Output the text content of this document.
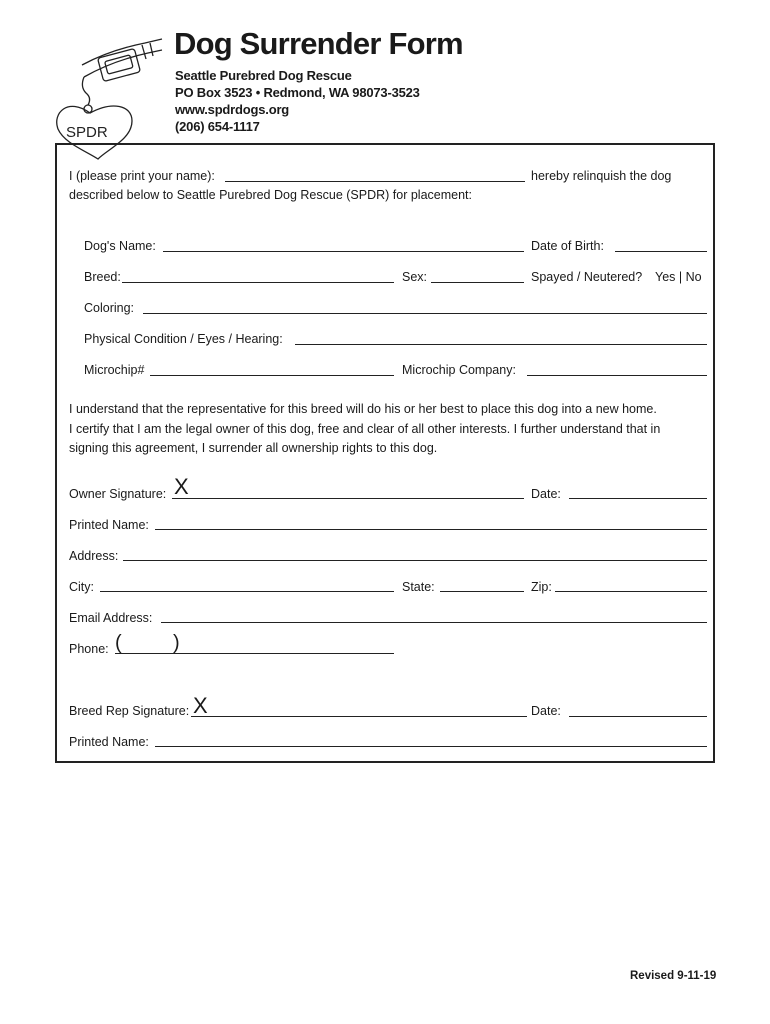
SPDR
Dog Surrender Form
Seattle Purebred Dog Rescue
PO Box 3523 • Redmond, WA 98073-3523
www.spdrdogs.org
(206) 654-1117
I (please print your name):	hereby relinquish the dog
described below to Seattle Purebred Dog Rescue (SPDR) for placement:
Dog's Name:	Date of Birth:
Breed:	Sex:	Spayed / Neutered? Yes | No
Coloring:
Physical Condition / Eyes / Hearing:
Microchip#	Microchip Company:
I understand that the representative for this breed will do his or her best to place this dog into a new home.
I certify that I am the legal owner of this dog, free and clear of all other interests. I further understand that in
signing this agreement, I surrender all ownership rights to this dog.
Owner Signature: X	Date:
Printed Name:
Address:
City:	State:	Zip:
Email Address:
Phone: (	)
Breed Rep Signature: X	Date:
Printed Name:
Revised 9-11-19
